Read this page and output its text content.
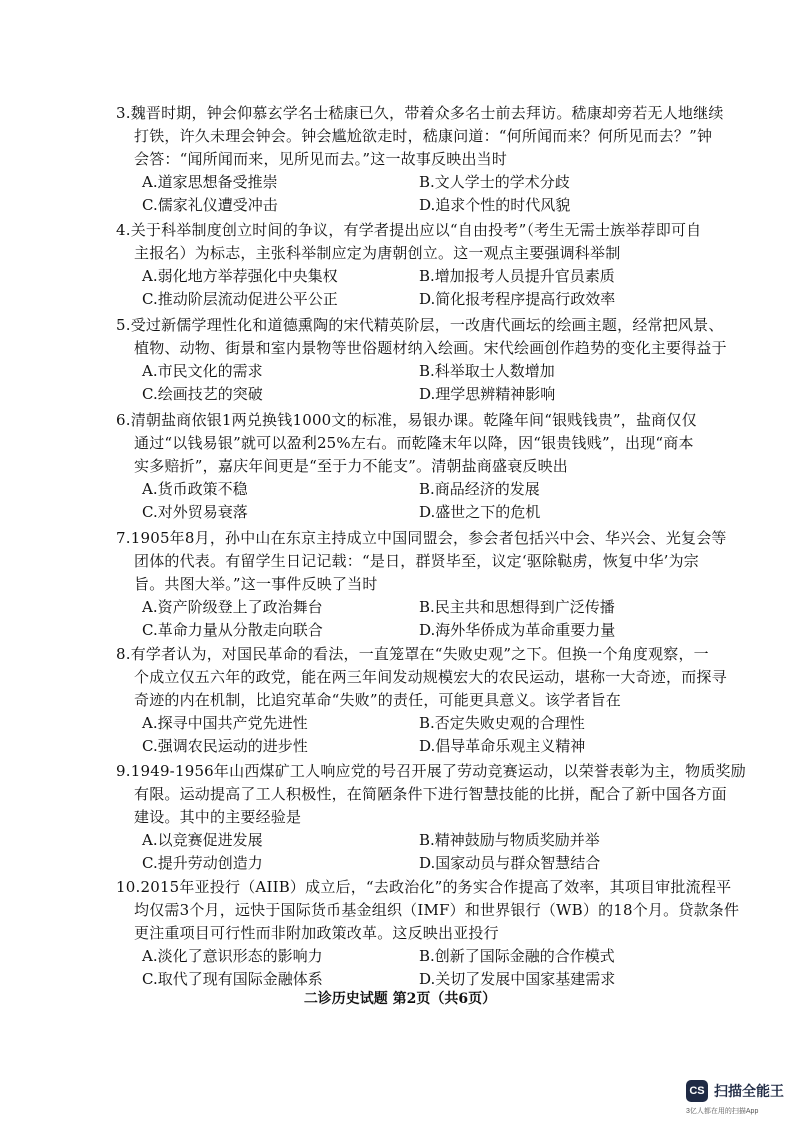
3.魏晋时期，钟会仰慕玄学名士嵇康已久，带着众多名士前去拜访。嵇康却旁若无人地继续
打铁，许久未理会钟会。钟会尴尬欲走时，嵇康问道：“何所闻而来？何所见而去？”钟
会答：“闻所闻而来，见所见而去。”这一故事反映出当时
A.道家思想备受推崇	B.文人学士的学术分歧
C.儒家礼仪遭受冲击	D.追求个性的时代风貌
4.关于科举制度创立时间的争议，有学者提出应以“自由投考”（考生无需士族举荐即可自
主报名）为标志，主张科举制应定为唐朝创立。这一观点主要强调科举制
A.弱化地方举荐强化中央集权	B.增加报考人员提升官员素质
C.推动阶层流动促进公平公正	D.简化报考程序提高行政效率
5.受过新儒学理性化和道德熏陶的宋代精英阶层，一改唐代画坛的绘画主题，经常把风景、
植物、动物、街景和室内景物等世俗题材纳入绘画。宋代绘画创作趋势的变化主要得益于
A.市民文化的需求	B.科举取士人数增加
C.绘画技艺的突破	D.理学思辨精神影响
6.清朝盐商依银1两兑换钱1000文的标准，易银办课。乾隆年间“银贱钱贵”，盐商仅仅
通过“以钱易银”就可以盈利25%左右。而乾隆末年以降，因“银贵钱贱”，出现“商本
实多赔折”，嘉庆年间更是“至于力不能支”。清朝盐商盛衰反映出
A.货币政策不稳	B.商品经济的发展
C.对外贸易衰落	D.盛世之下的危机
7.1905年8月，孙中山在东京主持成立中国同盟会，参会者包括兴中会、华兴会、光复会等
团体的代表。有留学生日记记载：“是日，群贤毕至，议定‘驱除鞑虏，恢复中华’为宗
旨。共图大举。”这一事件反映了当时
A.资产阶级登上了政治舞台	B.民主共和思想得到广泛传播
C.革命力量从分散走向联合	D.海外华侨成为革命重要力量
8.有学者认为，对国民革命的看法，一直笼罩在“失败史观”之下。但换一个角度观察，一
个成立仅五六年的政党，能在两三年间发动规模宏大的农民运动，堪称一大奇迹，而探寻
奇迹的内在机制，比追究革命“失败”的责任，可能更具意义。该学者旨在
A.探寻中国共产党先进性	B.否定失败史观的合理性
C.强调农民运动的进步性	D.倡导革命乐观主义精神
9.1949-1956年山西煤矿工人响应党的号召开展了劳动竞赛运动，以荣誉表彰为主，物质奖励
有限。运动提高了工人积极性，在简陋条件下进行智慧技能的比拼，配合了新中国各方面
建设。其中的主要经验是
A.以竞赛促进发展	B.精神鼓励与物质奖励并举
C.提升劳动创造力	D.国家动员与群众智慧结合
10.2015年亚投行（AIIB）成立后，“去政治化”的务实合作提高了效率，其项目审批流程平
均仅需3个月，远快于国际货币基金组织（IMF）和世界银行（WB）的18个月。贷款条件
更注重项目可行性而非附加政策改革。这反映出亚投行
A.淡化了意识形态的影响力	B.创新了国际金融的合作模式
C.取代了现有国际金融体系	D.关切了发展中国家基建需求
二诊历史试题 第2页（共6页）
CS 扫描全能王
3亿人都在用的扫描App
